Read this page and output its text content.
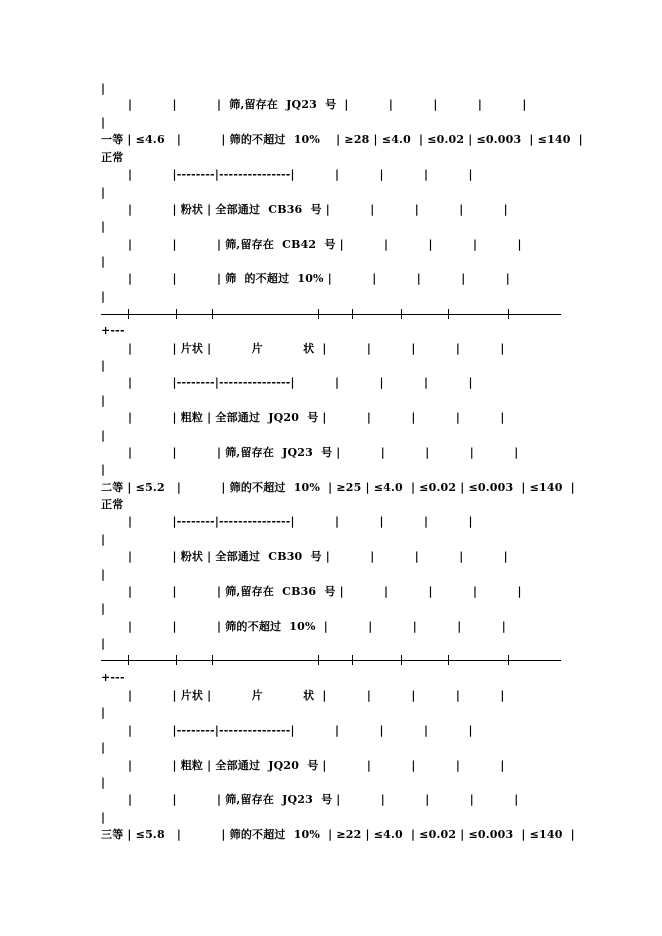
|
|          |          |  筛,留存在  JQ23  号  |          |          |          |          |
|
一等 | ≤4.6   |          | 筛的不超过  10%    | ≥28 | ≤4.0  | ≤0.02 | ≤0.003  | ≤140  |
正常
|          |--------|---------------|          |          |          |          |
|
|          | 粉状 | 全部通过  CB36  号 |          |          |          |          |
|
|          |          | 筛,留存在  CB42  号 |          |          |          |          |
|
|          |          | 筛  的不超过  10% |          |          |          |          |
|
+---
|          | 片状 |          片          状  |          |          |          |          |
|
|          |--------|---------------|          |          |          |          |
|
|          | 粗粒 | 全部通过  JQ20  号 |          |          |          |          |
|
|          |          | 筛,留存在  JQ23  号 |          |          |          |          |
|
二等 | ≤5.2   |          | 筛的不超过  10%  | ≥25 | ≤4.0  | ≤0.02 | ≤0.003  | ≤140  |
正常
|          |--------|---------------|          |          |          |          |
|
|          | 粉状 | 全部通过  CB30  号 |          |          |          |          |
|
|          |          | 筛,留存在  CB36  号 |          |          |          |          |
|
|          |          | 筛的不超过  10%  |          |          |          |          |
|
+---
|          | 片状 |          片          状  |          |          |          |          |
|
|          |--------|---------------|          |          |          |          |
|
|          | 粗粒 | 全部通过  JQ20  号 |          |          |          |          |
|
|          |          | 筛,留存在  JQ23  号 |          |          |          |          |
|
三等 | ≤5.8   |          | 筛的不超过  10%  | ≥22 | ≤4.0  | ≤0.02 | ≤0.003  | ≤140  |
